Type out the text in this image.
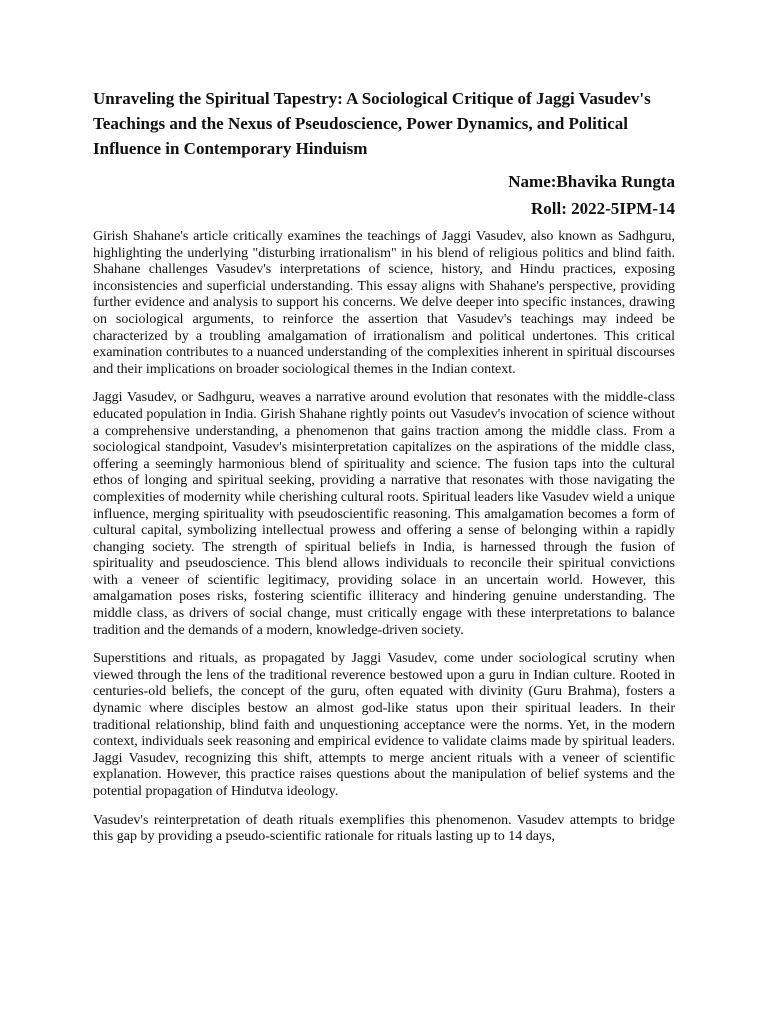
Unraveling the Spiritual Tapestry: A Sociological Critique of Jaggi Vasudev's Teachings and the Nexus of Pseudoscience, Power Dynamics, and Political Influence in Contemporary Hinduism

Name:Bhavika Rungta

Roll: 2022-5IPM-14

Girish Shahane's article critically examines the teachings of Jaggi Vasudev, also known as Sadhguru, highlighting the underlying "disturbing irrationalism" in his blend of religious politics and blind faith. Shahane challenges Vasudev's interpretations of science, history, and Hindu practices, exposing inconsistencies and superficial understanding. This essay aligns with Shahane's perspective, providing further evidence and analysis to support his concerns. We delve deeper into specific instances, drawing on sociological arguments, to reinforce the assertion that Vasudev's teachings may indeed be characterized by a troubling amalgamation of irrationalism and political undertones. This critical examination contributes to a nuanced understanding of the complexities inherent in spiritual discourses and their implications on broader sociological themes in the Indian context.

Jaggi Vasudev, or Sadhguru, weaves a narrative around evolution that resonates with the middle-class educated population in India. Girish Shahane rightly points out Vasudev's invocation of science without a comprehensive understanding, a phenomenon that gains traction among the middle class. From a sociological standpoint, Vasudev's misinterpretation capitalizes on the aspirations of the middle class, offering a seemingly harmonious blend of spirituality and science. The fusion taps into the cultural ethos of longing and spiritual seeking, providing a narrative that resonates with those navigating the complexities of modernity while cherishing cultural roots. Spiritual leaders like Vasudev wield a unique influence, merging spirituality with pseudoscientific reasoning. This amalgamation becomes a form of cultural capital, symbolizing intellectual prowess and offering a sense of belonging within a rapidly changing society. The strength of spiritual beliefs in India, is harnessed through the fusion of spirituality and pseudoscience. This blend allows individuals to reconcile their spiritual convictions with a veneer of scientific legitimacy, providing solace in an uncertain world. However, this amalgamation poses risks, fostering scientific illiteracy and hindering genuine understanding. The middle class, as drivers of social change, must critically engage with these interpretations to balance tradition and the demands of a modern, knowledge-driven society.

Superstitions and rituals, as propagated by Jaggi Vasudev, come under sociological scrutiny when viewed through the lens of the traditional reverence bestowed upon a guru in Indian culture. Rooted in centuries-old beliefs, the concept of the guru, often equated with divinity (Guru Brahma), fosters a dynamic where disciples bestow an almost god-like status upon their spiritual leaders. In their traditional relationship, blind faith and unquestioning acceptance were the norms. Yet, in the modern context, individuals seek reasoning and empirical evidence to validate claims made by spiritual leaders. Jaggi Vasudev, recognizing this shift, attempts to merge ancient rituals with a veneer of scientific explanation. However, this practice raises questions about the manipulation of belief systems and the potential propagation of Hindutva ideology.

Vasudev's reinterpretation of death rituals exemplifies this phenomenon. Vasudev attempts to bridge this gap by providing a pseudo-scientific rationale for rituals lasting up to 14 days,
